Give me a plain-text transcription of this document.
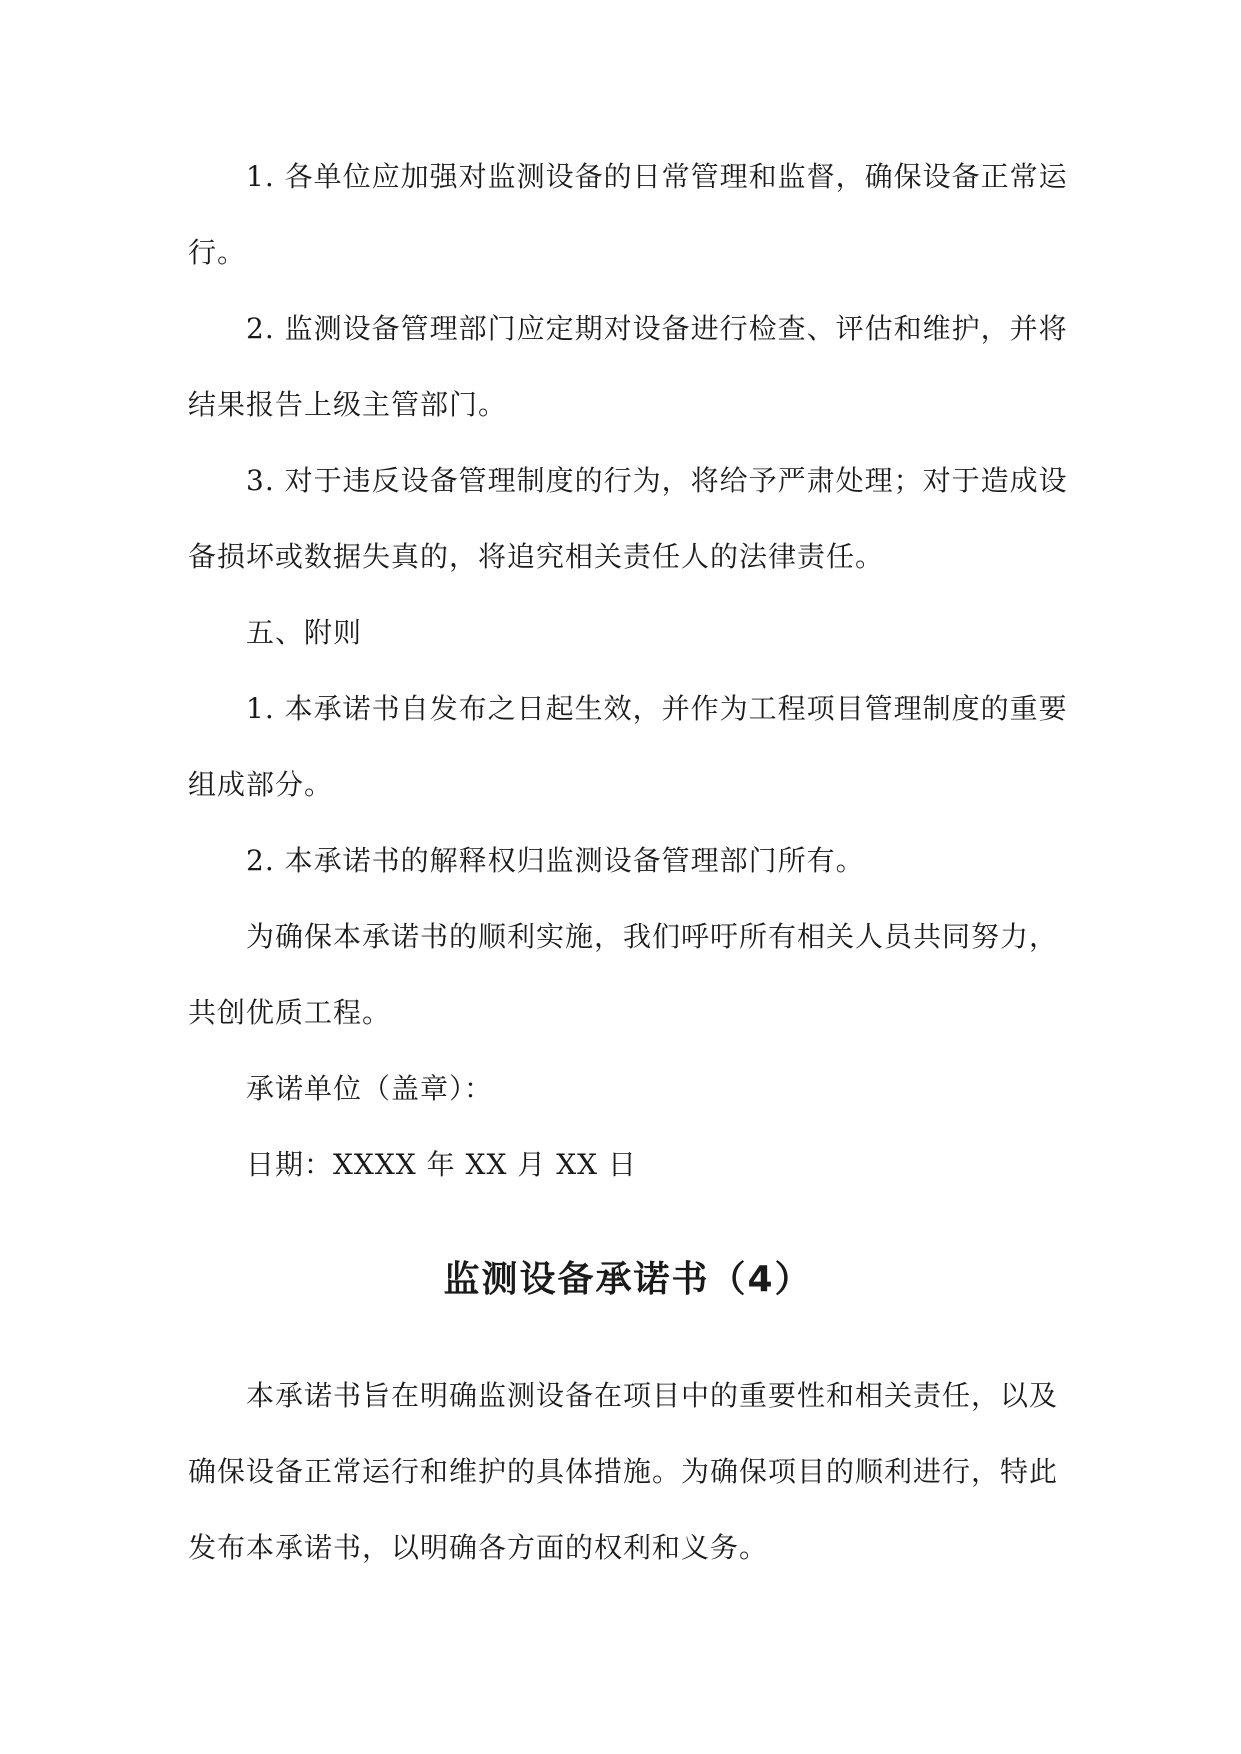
1. 各单位应加强对监测设备的日常管理和监督，确保设备正常运行。

2. 监测设备管理部门应定期对设备进行检查、评估和维护，并将结果报告上级主管部门。

3. 对于违反设备管理制度的行为，将给予严肃处理；对于造成设备损坏或数据失真的，将追究相关责任人的法律责任。

五、附则

1. 本承诺书自发布之日起生效，并作为工程项目管理制度的重要组成部分。

2. 本承诺书的解释权归监测设备管理部门所有。

为确保本承诺书的顺利实施，我们呼吁所有相关人员共同努力，共创优质工程。

承诺单位（盖章）：

日期：XXXX 年 XX 月 XX 日

监测设备承诺书（4）

本承诺书旨在明确监测设备在项目中的重要性和相关责任，以及确保设备正常运行和维护的具体措施。为确保项目的顺利进行，特此发布本承诺书，以明确各方面的权利和义务。
